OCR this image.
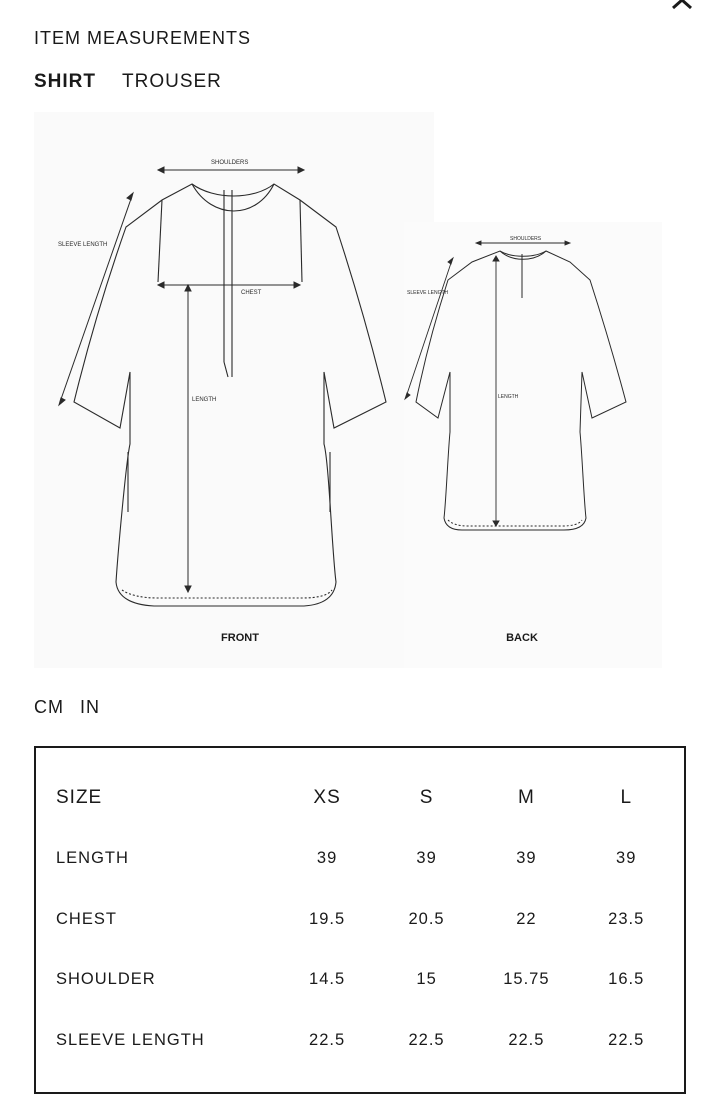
ITEM MEASUREMENTS
SHIRT TROUSER
SHOULDERS
SLEEVE LENGTH
CHEST
LENGTH
FRONT
SHOULDERS
SLEEVE LENGTH
LENGTH
BACK
CM IN
SIZE	XS	S	M	L
LENGTH	39	39	39	39
CHEST	19.5	20.5	22	23.5
SHOULDER	14.5	15	15.75	16.5
SLEEVE LENGTH	22.5	22.5	22.5	22.5
